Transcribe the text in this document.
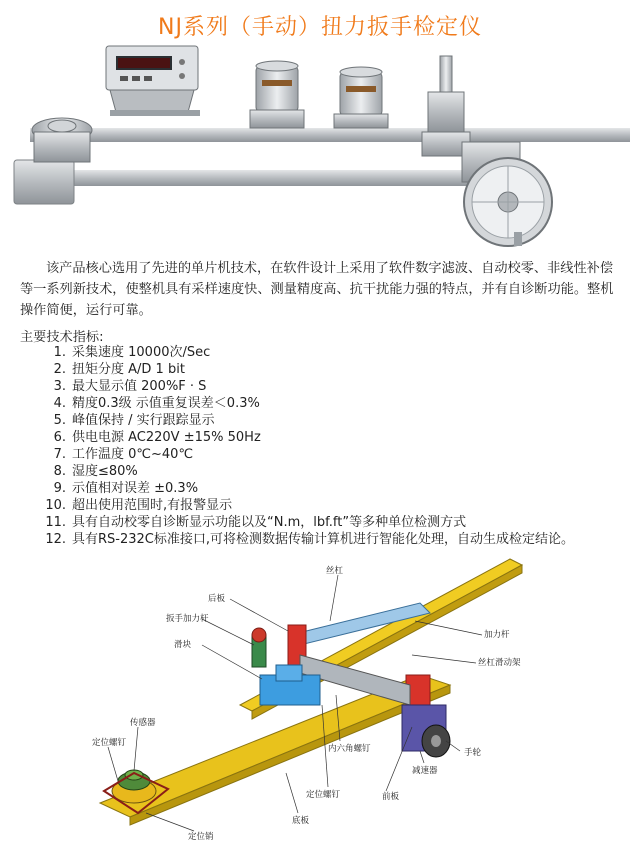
NJ系列（手动）扭力扳手检定仪

该产品核心选用了先进的单片机技术，在软件设计上采用了软件数字滤波、自动校零、非线性补偿等一系列新技术，使整机具有采样速度快、测量精度高、抗干扰能力强的特点，并有自诊断功能。整机操作简便，运行可靠。

主要技术指标:
1. 采集速度 10000次/Sec
2. 扭矩分度 A/D 1 bit
3. 最大显示值 200%F · S
4. 精度0.3级 示值重复误差＜0.3%
5. 峰值保持 / 实行跟踪显示
6. 供电电源 AC220V ±15% 50Hz
7. 工作温度 0℃~40℃
8. 湿度≤80%
9. 示值相对误差 ±0.3%
10. 超出使用范围时,有报警显示
11. 具有自动校零自诊断显示功能以及“N.m，lbf.ft”等多种单位检测方式
12. 具有RS-232C标准接口,可将检测数据传输计算机进行智能化处理，自动生成检定结论。
后板
丝杠
扳手加力杆
加力杆
滑块
丝杠滑动架
传感器
定位螺钉
内六角螺钉	手轮
减速器
定位螺钉	前板
底板
定位销
